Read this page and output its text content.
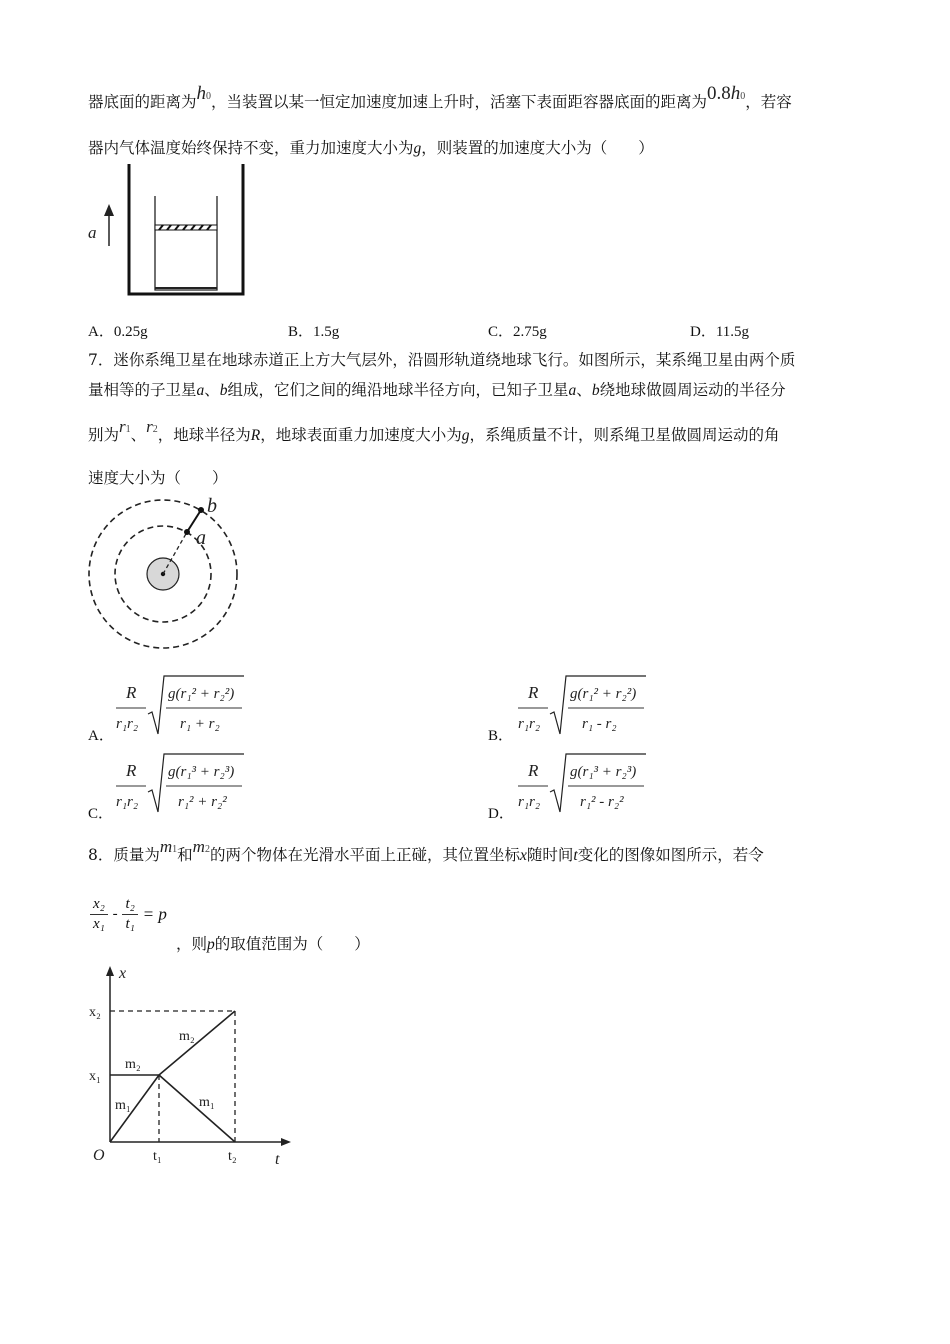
器底面的距离为h0，当装置以某一恒定加速度加速上升时，活塞下表面距容器底面的距离为0.8h0，若容
器内气体温度始终保持不变，重力加速度大小为g，则装置的加速度大小为（　　）
a
A．0.25g	B．1.5g	C．2.75g	D．11.5g
7．迷你系绳卫星在地球赤道正上方大气层外，沿圆形轨道绕地球飞行。如图所示，某系绳卫星由两个质
量相等的子卫星a、b组成，它们之间的绳沿地球半径方向，已知子卫星a、b绕地球做圆周运动的半径分
别为r1、r2，地球半径为R，地球表面重力加速度大小为g，系绳质量不计，则系绳卫星做圆周运动的角
速度大小为（　　）
b
a
A．
R
r₁r₂
g(r₁² + r₂²)
r₁ + r₂
B．
R
r₁r₂
g(r₁² + r₂²)
r₁ - r₂
C．
R
r₁r₂
g(r₁³ + r₂³)
r₁² + r₂²
D．
R
r₁r₂
g(r₁³ + r₂³)
r₁² - r₂²
8．质量为m1和m2的两个物体在光滑水平面上正碰，其位置坐标x随时间t变化的图像如图所示，若令
$\frac{\text{x₂}}{\text{x₁}} - \frac{\text{t₂}}{\text{t₁}} = p$
，则p的取值范围为（　　）
x
t
O
x₂
x₁
t₁	t₂
m₂
m₂
m₁	m₁
